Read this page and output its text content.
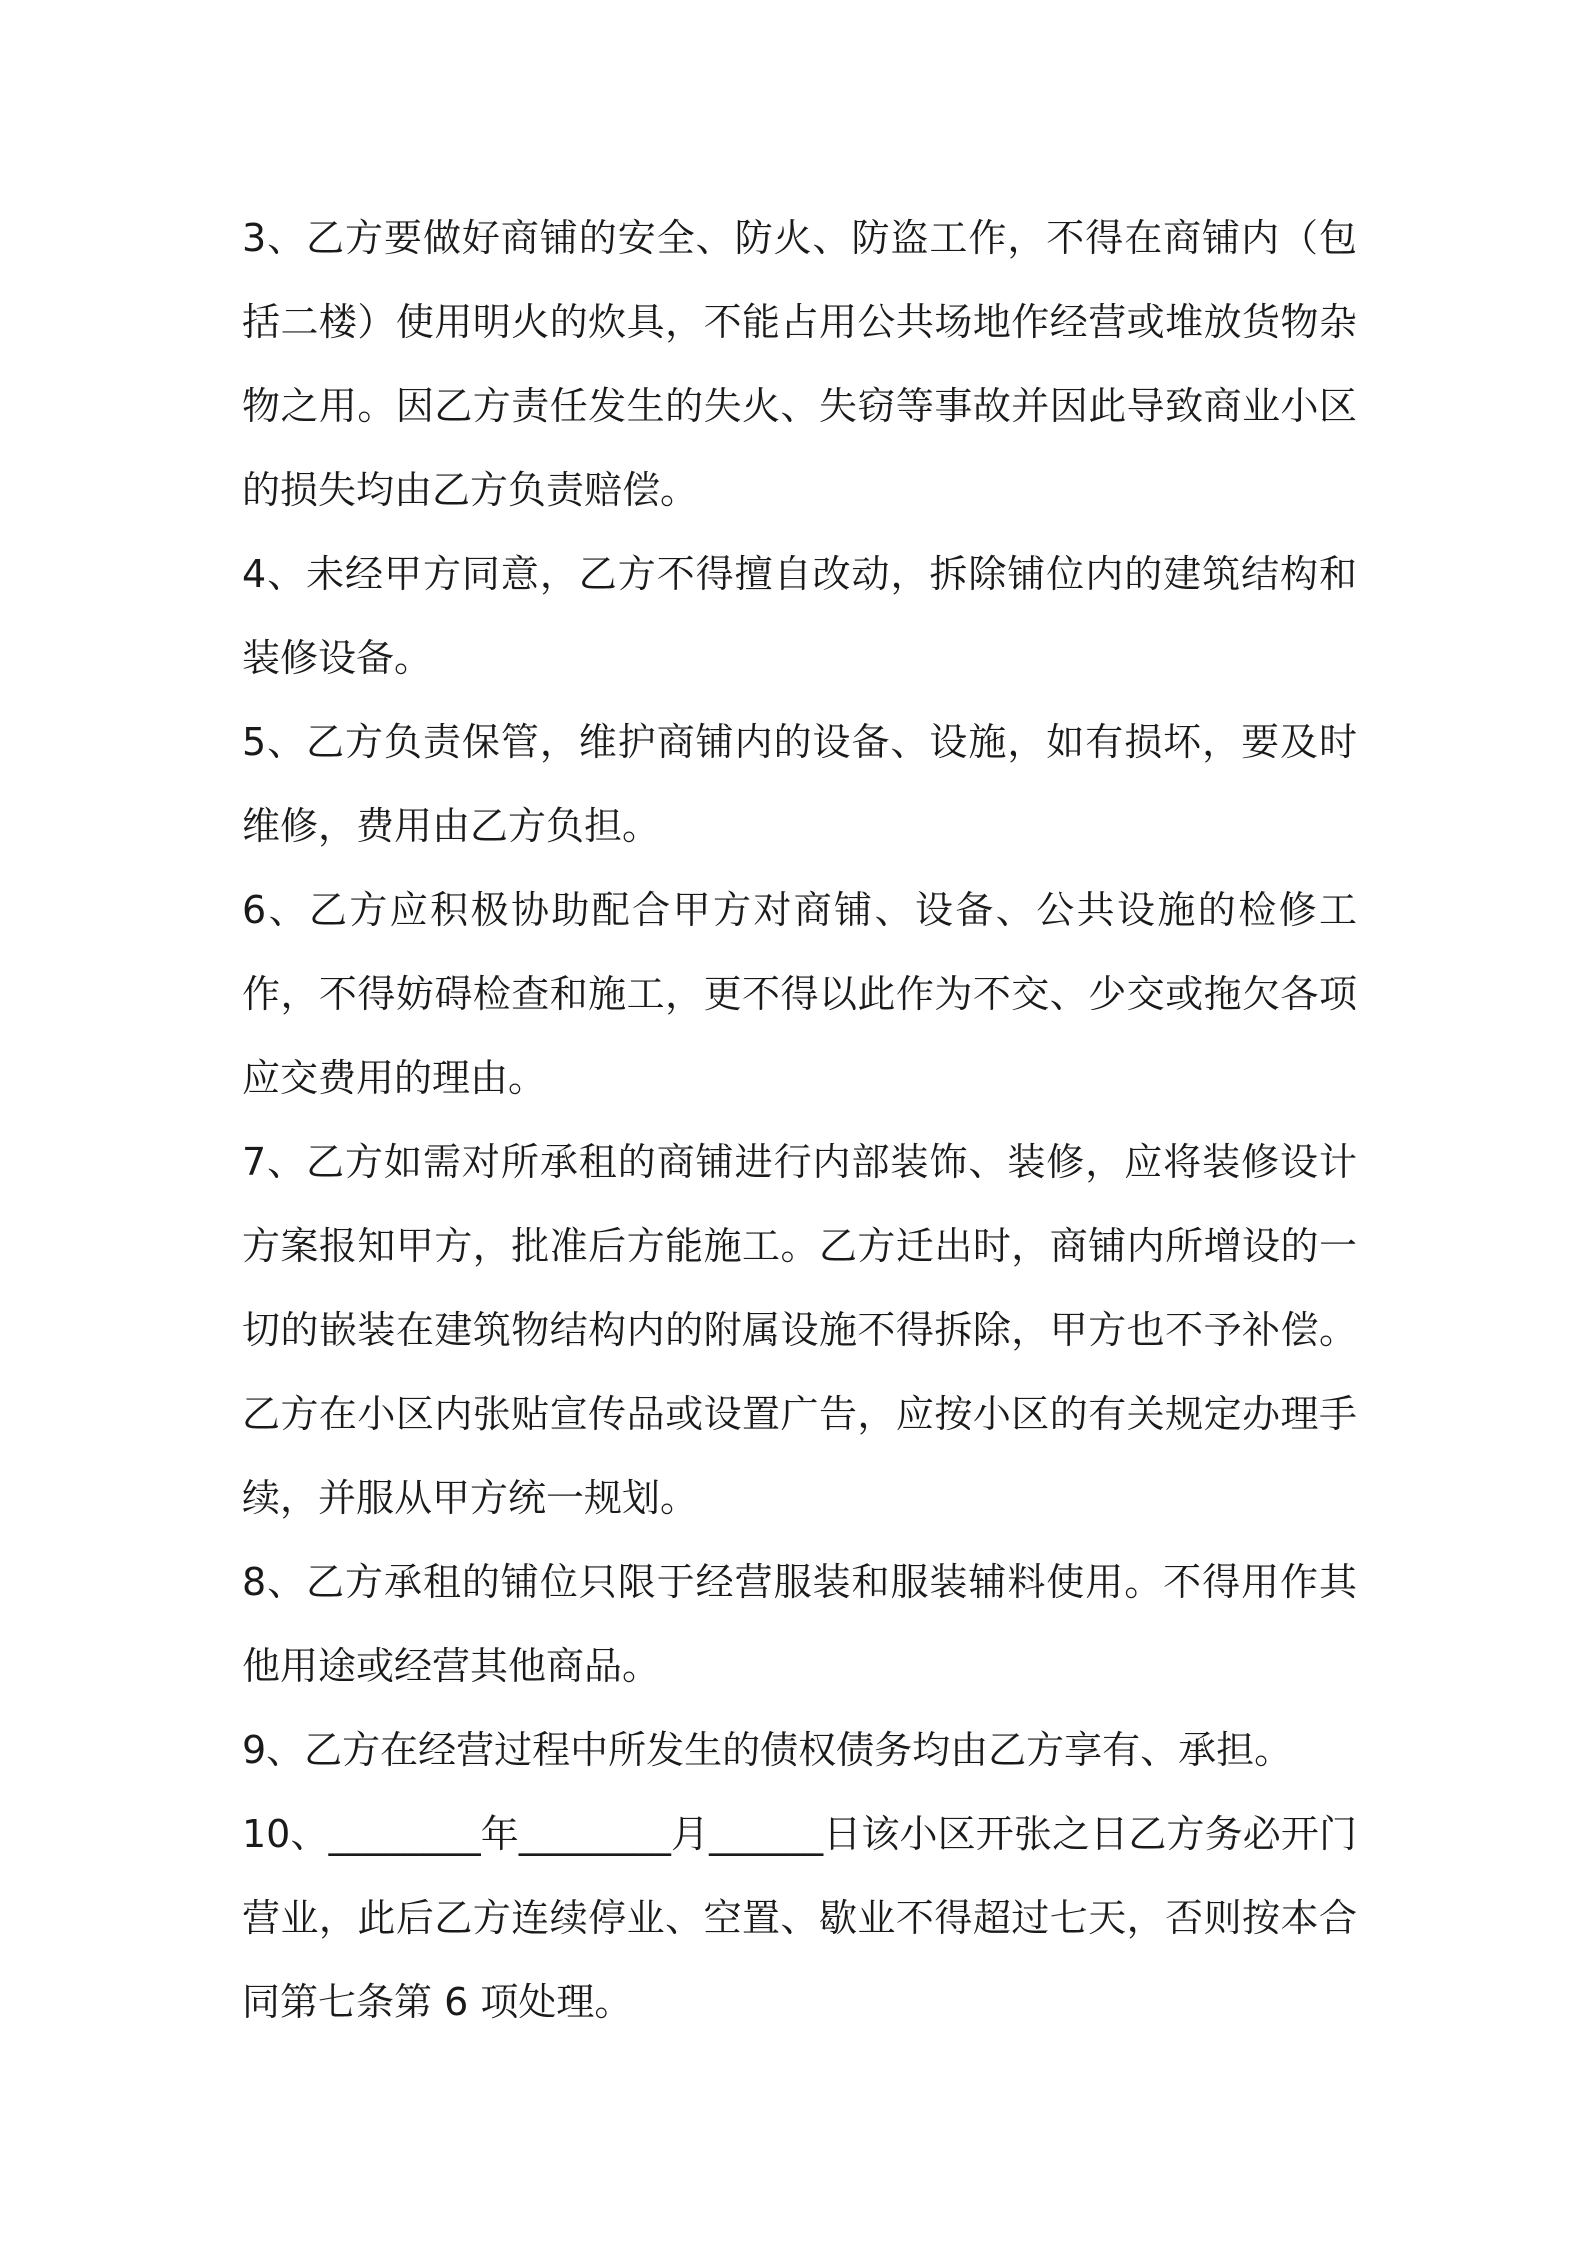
3、乙方要做好商铺的安全、防火、防盗工作，不得在商铺内（包括二楼）使用明火的炊具，不能占用公共场地作经营或堆放货物杂物之用。因乙方责任发生的失火、失窃等事故并因此导致商业小区的损失均由乙方负责赔偿。

4、未经甲方同意，乙方不得擅自改动，拆除铺位内的建筑结构和装修设备。

5、乙方负责保管，维护商铺内的设备、设施，如有损坏，要及时维修，费用由乙方负担。

6、乙方应积极协助配合甲方对商铺、设备、公共设施的检修工作，不得妨碍检查和施工，更不得以此作为不交、少交或拖欠各项应交费用的理由。

7、乙方如需对所承租的商铺进行内部装饰、装修，应将装修设计方案报知甲方，批准后方能施工。乙方迁出时，商铺内所增设的一切的嵌装在建筑物结构内的附属设施不得拆除，甲方也不予补偿。乙方在小区内张贴宣传品或设置广告，应按小区的有关规定办理手续，并服从甲方统一规划。

8、乙方承租的铺位只限于经营服装和服装辅料使用。不得用作其他用途或经营其他商品。

9、乙方在经营过程中所发生的债权债务均由乙方享有、承担。

10、________年________月______日该小区开张之日乙方务必开门营业，此后乙方连续停业、空置、歇业不得超过七天，否则按本合同第七条第 6 项处理。
